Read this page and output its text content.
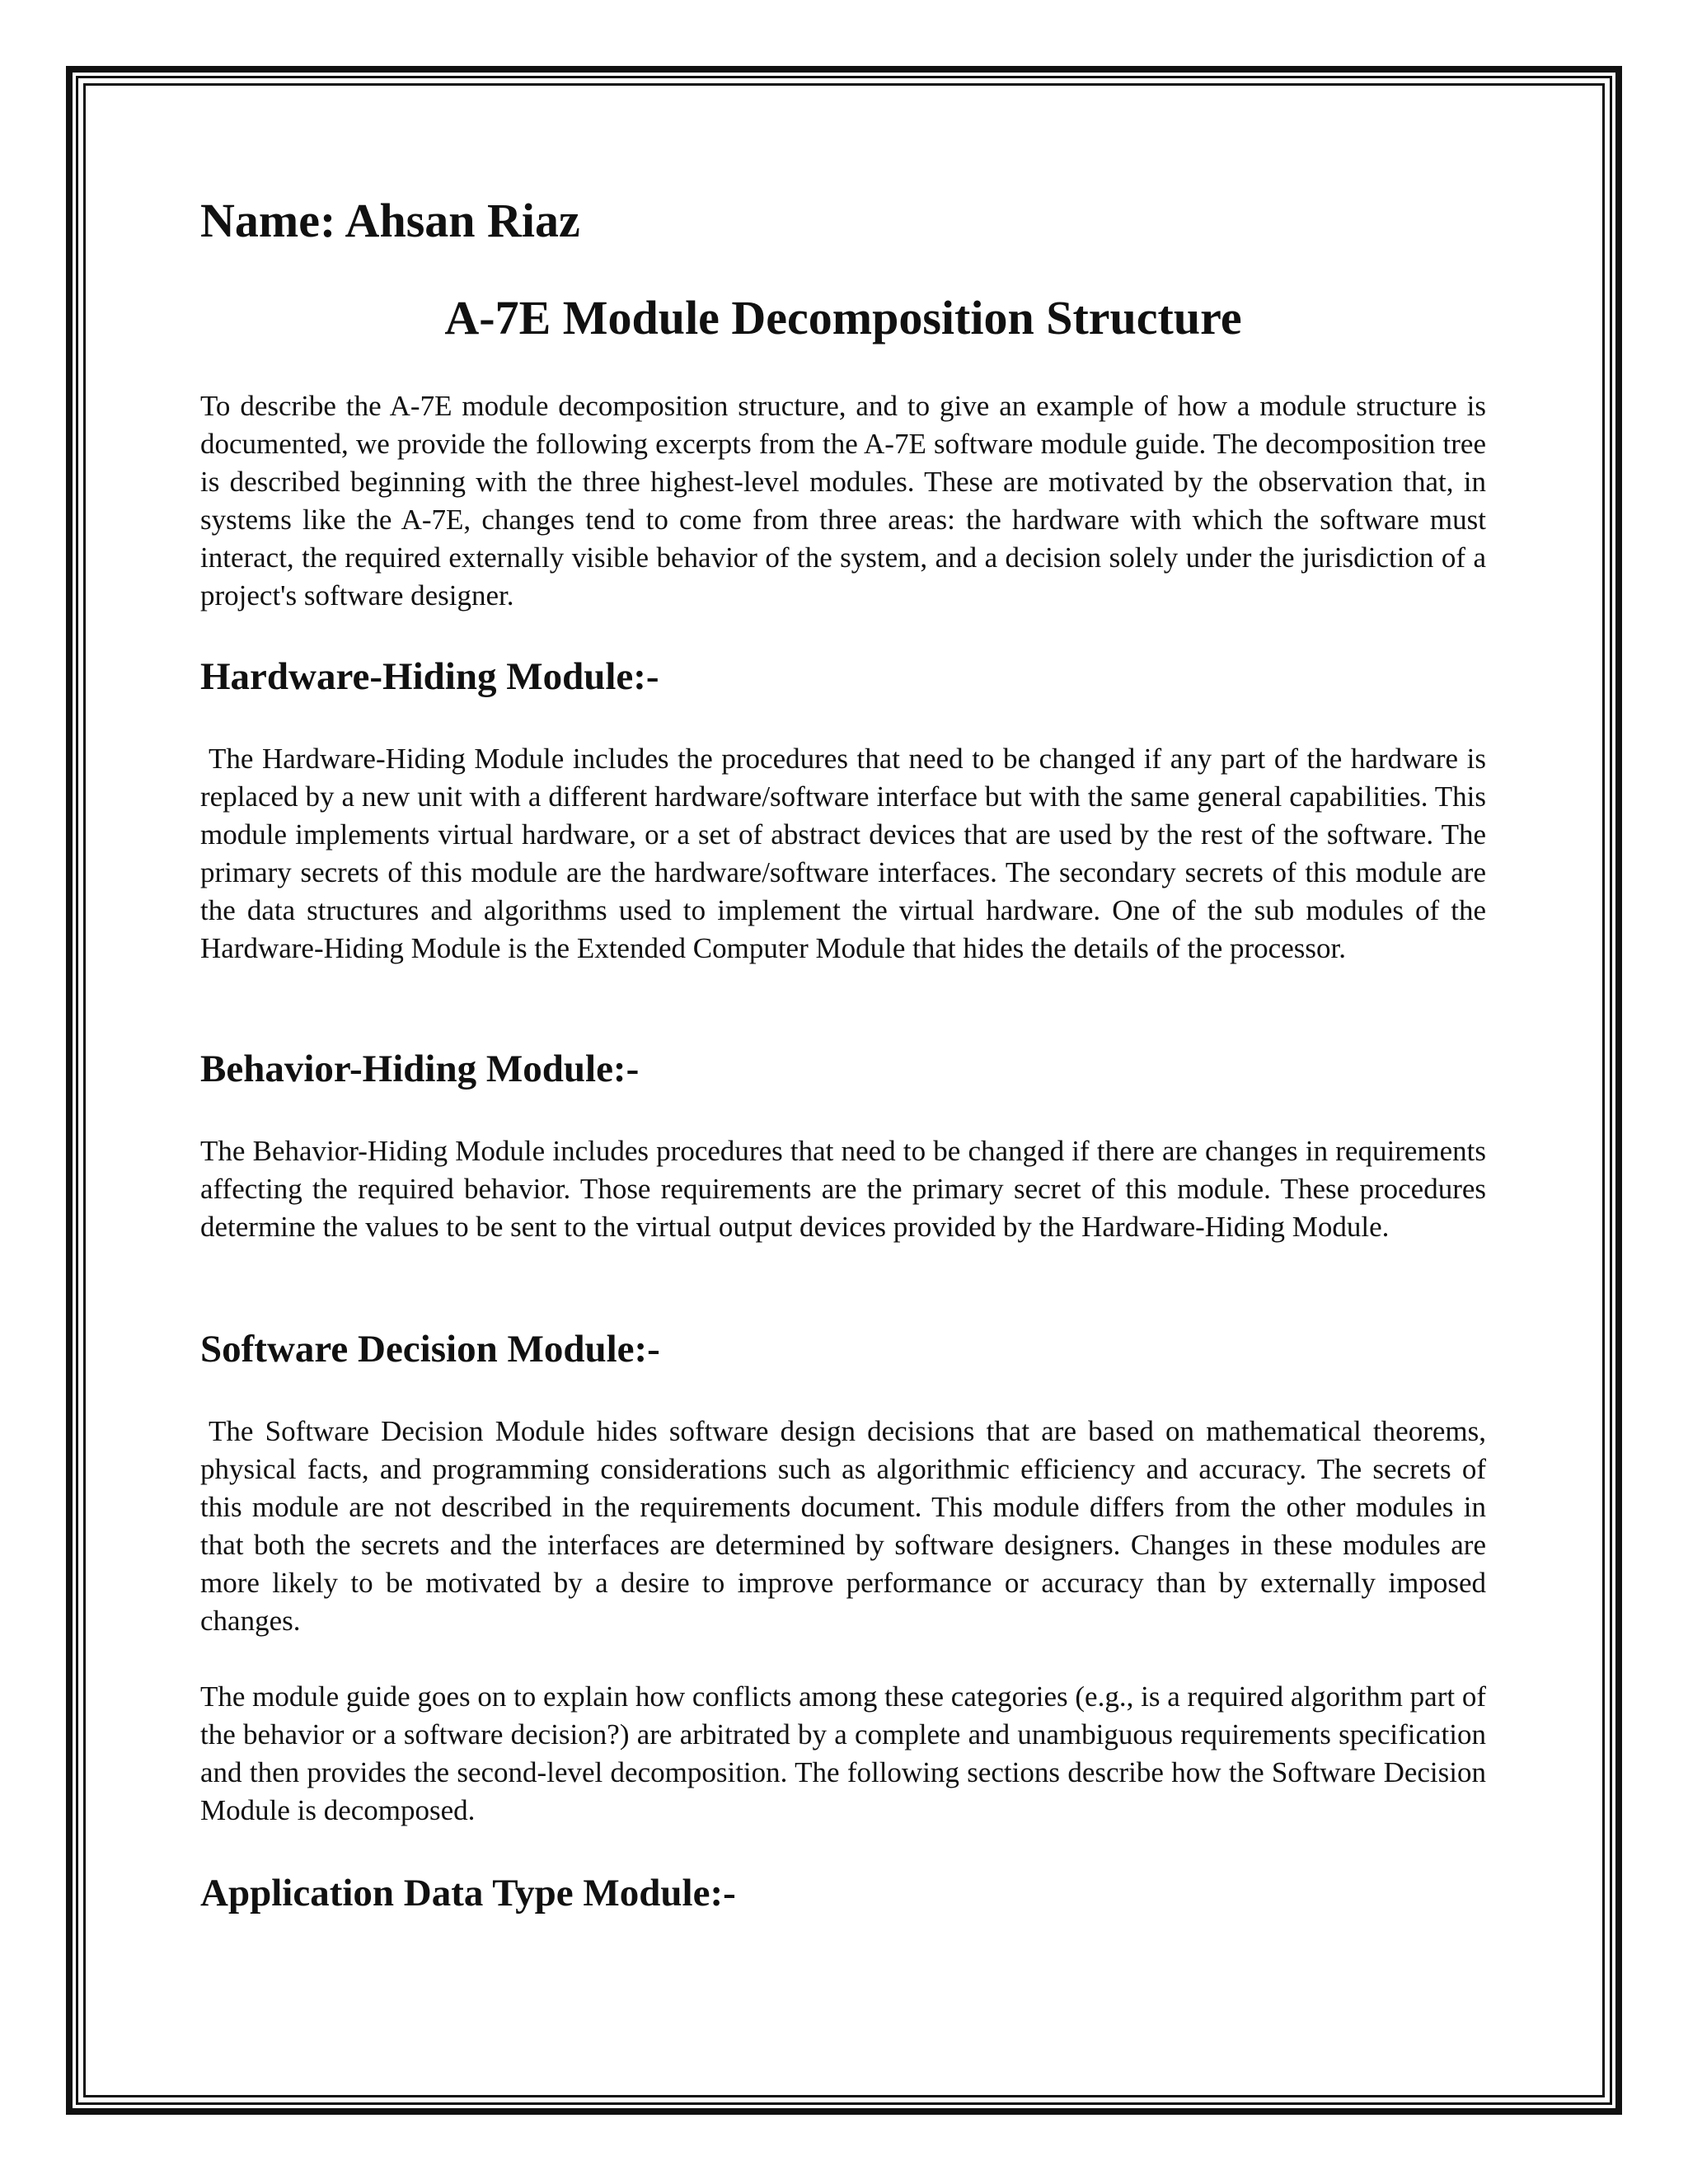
Name: Ahsan Riaz
A-7E Module Decomposition Structure

To describe the A-7E module decomposition structure, and to give an example of how a module structure is documented, we provide the following excerpts from the A-7E software module guide. The decomposition tree is described beginning with the three highest-level modules. These are motivated by the observation that, in systems like the A-7E, changes tend to come from three areas: the hardware with which the software must interact, the required externally visible behavior of the system, and a decision solely under the jurisdiction of a project's software designer.

Hardware-Hiding Module:-

The Hardware-Hiding Module includes the procedures that need to be changed if any part of the hardware is replaced by a new unit with a different hardware/software interface but with the same general capabilities. This module implements virtual hardware, or a set of abstract devices that are used by the rest of the software. The primary secrets of this module are the hardware/software interfaces. The secondary secrets of this module are the data structures and algorithms used to implement the virtual hardware. One of the sub modules of the Hardware-Hiding Module is the Extended Computer Module that hides the details of the processor.

Behavior-Hiding Module:-

The Behavior-Hiding Module includes procedures that need to be changed if there are changes in requirements affecting the required behavior. Those requirements are the primary secret of this module. These procedures determine the values to be sent to the virtual output devices provided by the Hardware-Hiding Module.

Software Decision Module:-

The Software Decision Module hides software design decisions that are based on mathematical theorems, physical facts, and programming considerations such as algorithmic efficiency and accuracy. The secrets of this module are not described in the requirements document. This module differs from the other modules in that both the secrets and the interfaces are determined by software designers. Changes in these modules are more likely to be motivated by a desire to improve performance or accuracy than by externally imposed changes.

The module guide goes on to explain how conflicts among these categories (e.g., is a required algorithm part of the behavior or a software decision?) are arbitrated by a complete and unambiguous requirements specification and then provides the second-level decomposition. The following sections describe how the Software Decision Module is decomposed.

Application Data Type Module:-
